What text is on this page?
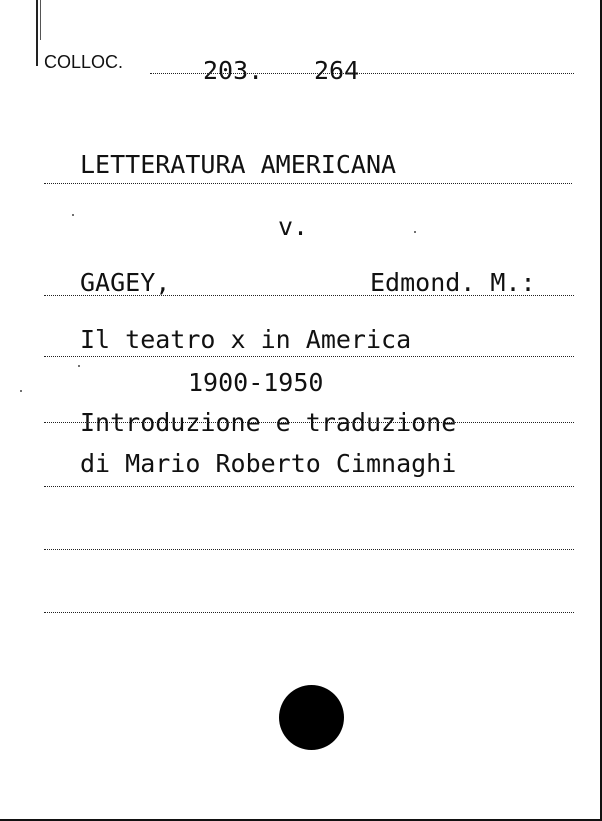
COLLOC.	203. 264
LETTERATURA AMERICANA
v.
GAGEY,	Edmond. M.:
Il teatro x in America
1900-1950
Introduzione e traduzione
di Mario Roberto Cimnaghi
